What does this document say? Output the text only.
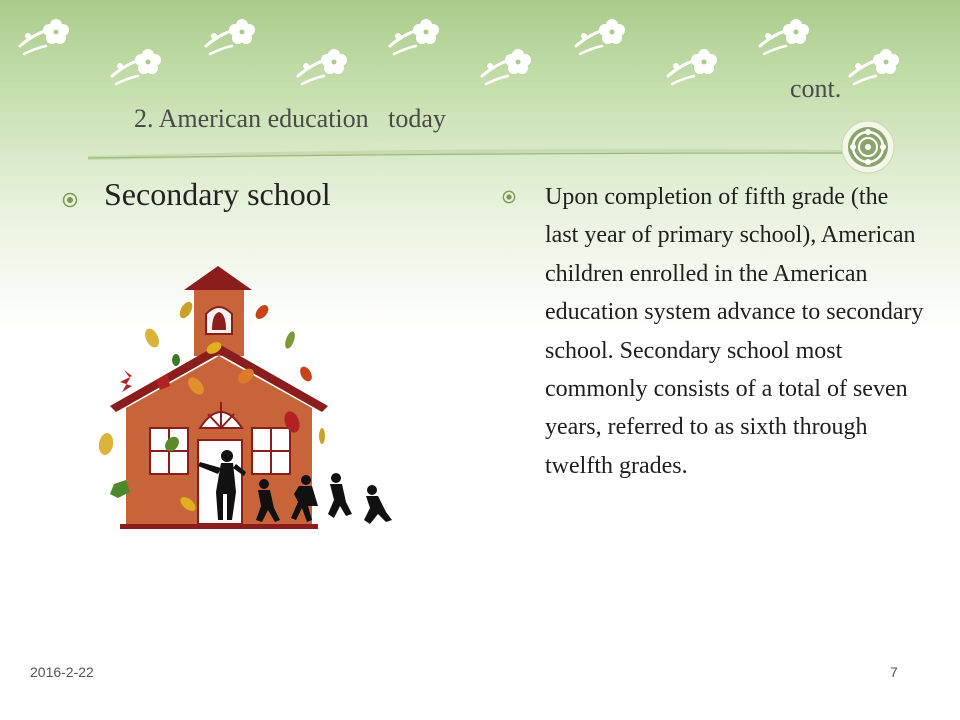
2. American education   today

cont.

Secondary school	Upon completion of fifth grade (the last year of primary school), American children enrolled in the American education system advance to secondary school. Secondary school most commonly consists of a total of seven years, referred to as sixth through twelfth grades.
2016-2-22	7
